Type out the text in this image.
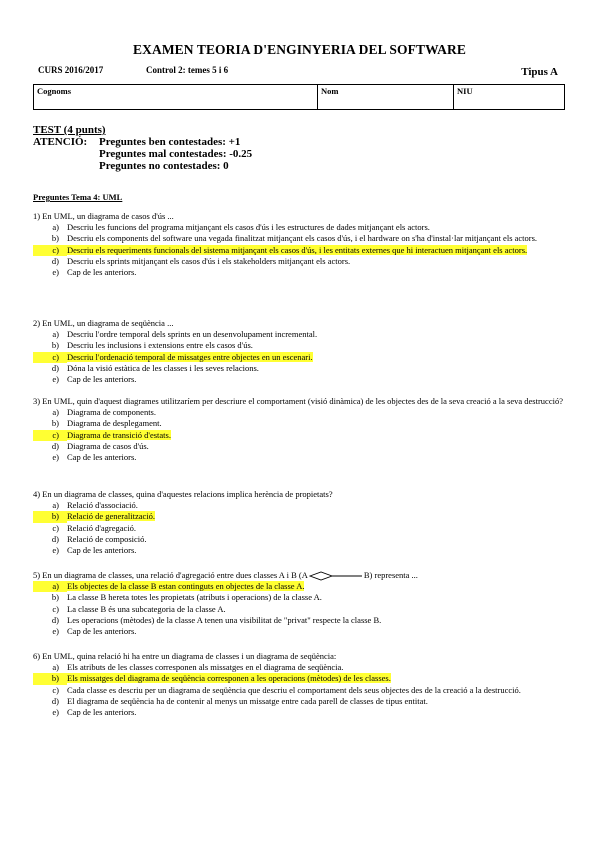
EXAMEN TEORIA D'ENGINYERIA DEL SOFTWARE
CURS 2016/2017	Control 2: temes 5 i 6	Tipus A
Cognoms	Nom	NIU
TEST (4 punts)
ATENCIÓ:	Preguntes ben contestades: +1
Preguntes mal contestades: -0.25
Preguntes no contestades: 0
Preguntes Tema 4: UML
1) En UML, un diagrama de casos d'ús ...
a) Descriu les funcions del programa mitjançant els casos d'ús i les estructures de dades mitjançant els actors.
b) Descriu els components del software una vegada finalitzat mitjançant els casos d'ús, i el hardware on s'ha d'instal·lar mitjançant els actors.
c) Descriu els requeriments funcionals del sistema mitjançant els casos d'ús, i les entitats externes que hi interactuen mitjançant els actors.
d) Descriu els sprints mitjançant els casos d'ús i els stakeholders mitjançant els actors.
e) Cap de les anteriors.
2) En UML, un diagrama de seqüència ...
a) Descriu l'ordre temporal dels sprints en un desenvolupament incremental.
b) Descriu les inclusions i extensions entre els casos d'ús.
c) Descriu l'ordenació temporal de missatges entre objectes en un escenari.
d) Dóna la visió estàtica de les classes i les seves relacions.
e) Cap de les anteriors.
3) En UML, quin d'aquest diagrames utilitzaríem per descriure el comportament (visió dinàmica) de les objectes des de la seva creació a la seva destrucció?
a) Diagrama de components.
b) Diagrama de desplegament.
c) Diagrama de transició d'estats.
d) Diagrama de casos d'ús.
e) Cap de les anteriors.
4) En un diagrama de classes, quina d'aquestes relacions implica herència de propietats?
a) Relació d'associació.
b) Relació de generalització.
c) Relació d'agregació.
d) Relació de composició.
e) Cap de les anteriors.
5) En un diagrama de classes, una relació d'agregació entre dues classes A i B (A	B) representa ...
a) Els objectes de la classe B estan continguts en objectes de la classe A.
b) La classe B hereta totes les propietats (atributs i operacions) de la classe A.
c) La classe B és una subcategoria de la classe A.
d) Les operacions (mètodes) de la classe A tenen una visibilitat de "privat" respecte la classe B.
e) Cap de les anteriors.
6) En UML, quina relació hi ha entre un diagrama de classes i un diagrama de seqüència:
a) Els atributs de les classes corresponen als missatges en el diagrama de seqüència.
b) Els missatges del diagrama de seqüència corresponen a les operacions (mètodes) de les classes.
c) Cada classe es descriu per un diagrama de seqüència que descriu el comportament dels seus objectes des de la creació a la destrucció.
d) El diagrama de seqüència ha de contenir al menys un missatge entre cada parell de classes de tipus entitat.
e) Cap de les anteriors.
